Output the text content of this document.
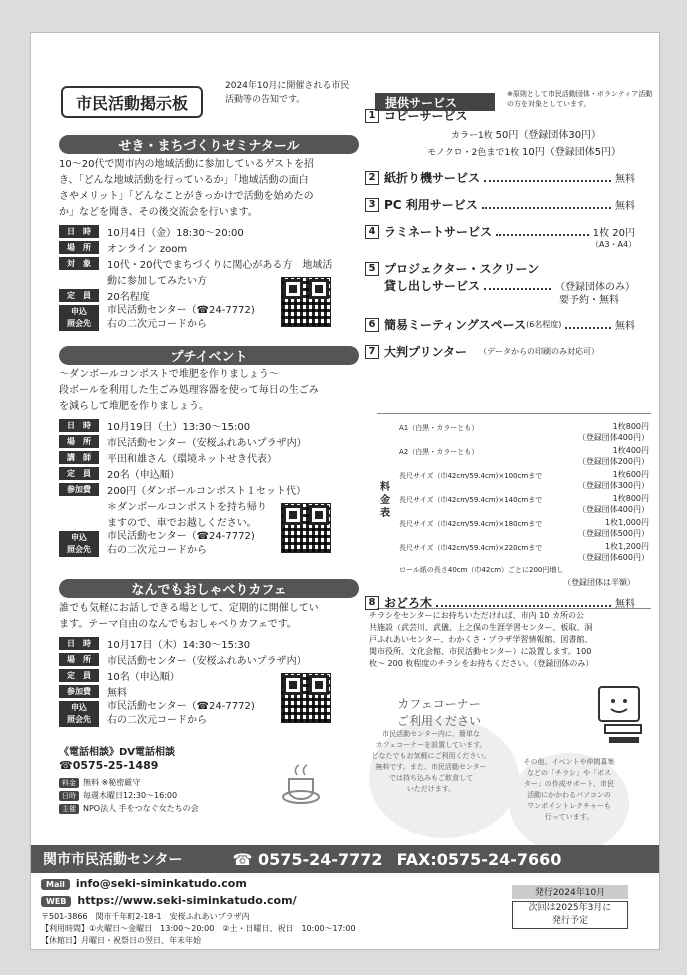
市民活動掲示板
2024年10月に開催される市民活動等の告知です。
せき・まちづくりゼミナタール
10〜20代で関市内の地域活動に参加しているゲストを招
き、「どんな地域活動を行っているか」「地域活動の面白
さやメリット」「どんなことがきっかけで活動を始めたの
か」などを聞き、その後交流会を行います。
日　時	10月4日（金）18:30〜20:00
場　所	オンライン zoom
対　象	10代・20代でまちづくりに関心がある方　地域活
動に参加してみたい方
定　員	20名程度
申込
照会先
市民活動センター（☎24-7772)
右の二次元コードから
プチイベント
〜ダンボールコンポストで堆肥を作りましょう〜
段ボールを利用した生ごみ処理容器を使って毎日の生ごみ
を減らして堆肥を作りましょう。
日　時	10月19日（土）13:30〜15:00
場　所	市民活動センター（安桜ふれあいプラザ内）
講　師	平田和雄さん（環境ネットせき代表）
定　員	20名（申込順）
参加費	200円（ダンボールコンポスト１セット代）
＊ダンボールコンポストを持ち帰り
ますので、車でお越しください。
申込
照会先
市民活動センター（☎24-7772)
右の二次元コードから
なんでもおしゃべりカフェ
誰でも気軽にお話しできる場として、定期的に開催してい
ます。テーマ自由のなんでもおしゃべりカフェです。
日　時	10月17日（木）14:30〜15:30
場　所	市民活動センター（安桜ふれあいプラザ内）
定　員	10名（申込順）
参加費	無料
申込
照会先
市民活動センター（☎24-7772)
右の二次元コードから
《電話相談》DV電話相談
☎0575-25-1489
料金 無料 ※秘密厳守
日時 毎週木曜日12:30〜16:00
主催 NPO法人 手をつなぐ女たちの会
提供サービス
※原則として市民活動団体・ボランティア活動の方を対象としています。
1 コピーサービス
カラー1枚 50円（登録団体30円）
モノクロ・2色まで1枚 10円（登録団体5円）
2 紙折り機サービス	無料
3 PC 利用サービス	無料
4 ラミネートサービス	1枚 20円
（A3・A4）
5 プロジェクター・スクリーン
貸し出しサービス	（登録団体のみ）
要予約・無料
6 簡易ミーティングスペース (6名程度)	無料
7 大判プリンター （データからの印刷のみ対応可）
料金表
ロール紙の長さ40cm（巾42cm）ごとに200円増し
（登録団体は半額）
8 おどろ木	無料
チラシをセンターにお持ちいただければ、市内 10 カ所の公
共施設（武芸川、武儀、上之保の生涯学習センター、板取、洞
戸ふれあいセンター、わかくさ・プラザ学習情報館、図書館、
関市役所、文化会館、市民活動センター）に設置します。100
枚〜 200 枚程度のチラシをお持ちください。（登録団体のみ）
カフェコーナー
ご利用ください
市民活動センター内に、簡単な
カフェコーナーを設置しています。
どなたでもお気軽にご利用ください。
無料です。また、市民活動センター
では持ち込みもご飲食して
いただけます。
その他、イベントや仲間募集
などの「チラシ」や「ポス
ター」の作成サポート、市民
活動にかかわるパソコンの
ワンポイントレクチャーも
行っています。
関市市民活動センター	☎ 0575-24-7772 FAX:0575-24-7660
Mail info@seki-siminkatudo.com
WEB https://www.seki-siminkatudo.com/
〒501-3866　関市千年町2-18-1　安桜ふれあいプラザ内
【利用時間】①火曜日〜金曜日　13:00〜20:00　②土・日曜日、祝日　10:00〜17:00
【休館日】月曜日・祝祭日の翌日、年末年始
発行2024年10月
次回は2025年3月に
発行予定
A1（白黒・カラーとも）	1枚800円
（登録団体400円）
A2（白黒・カラーとも）	1枚400円
（登録団体200円）
長尺サイズ（巾42cm/59.4cm)×100cmまで	1枚600円
（登録団体300円）
長尺サイズ（巾42cm/59.4cm)×140cmまで	1枚800円
（登録団体400円）
長尺サイズ（巾42cm/59.4cm)×180cmまで	1枚1,000円
（登録団体500円）
長尺サイズ（巾42cm/59.4cm)×220cmまで	1枚1,200円
（登録団体600円）
